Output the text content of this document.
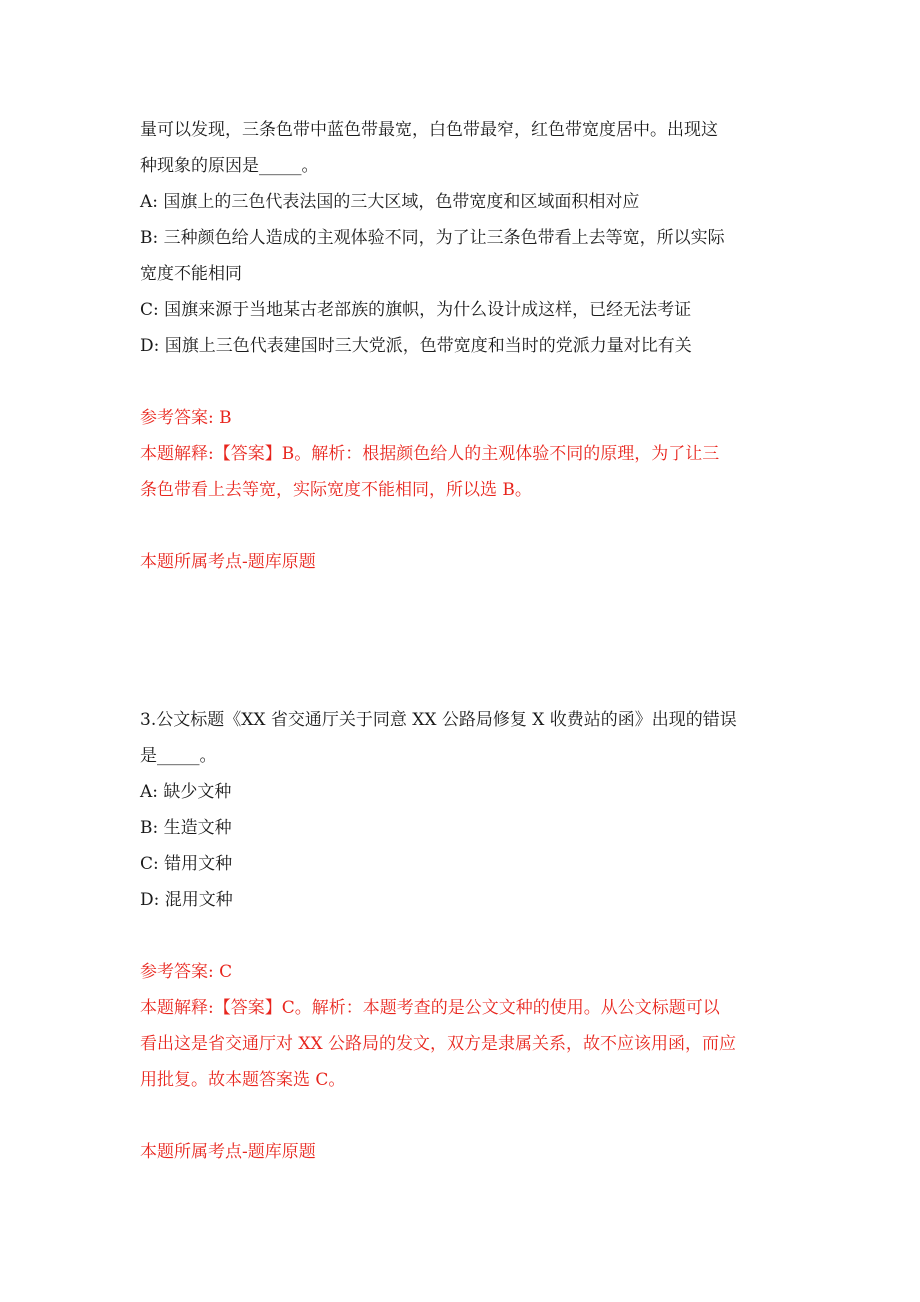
量可以发现，三条色带中蓝色带最宽，白色带最窄，红色带宽度居中。出现这
种现象的原因是_____。
A: 国旗上的三色代表法国的三大区域，色带宽度和区域面积相对应
B: 三种颜色给人造成的主观体验不同，为了让三条色带看上去等宽，所以实际
宽度不能相同
C: 国旗来源于当地某古老部族的旗帜，为什么设计成这样，已经无法考证
D: 国旗上三色代表建国时三大党派，色带宽度和当时的党派力量对比有关
参考答案: B
本题解释:【答案】B。解析：根据颜色给人的主观体验不同的原理，为了让三
条色带看上去等宽，实际宽度不能相同，所以选 B。
本题所属考点-题库原题
3.公文标题《XX 省交通厅关于同意 XX 公路局修复 X 收费站的函》出现的错误
是_____。
A: 缺少文种
B: 生造文种
C: 错用文种
D: 混用文种
参考答案: C
本题解释:【答案】C。解析：本题考查的是公文文种的使用。从公文标题可以
看出这是省交通厅对 XX 公路局的发文，双方是隶属关系，故不应该用函，而应
用批复。故本题答案选 C。
本题所属考点-题库原题
